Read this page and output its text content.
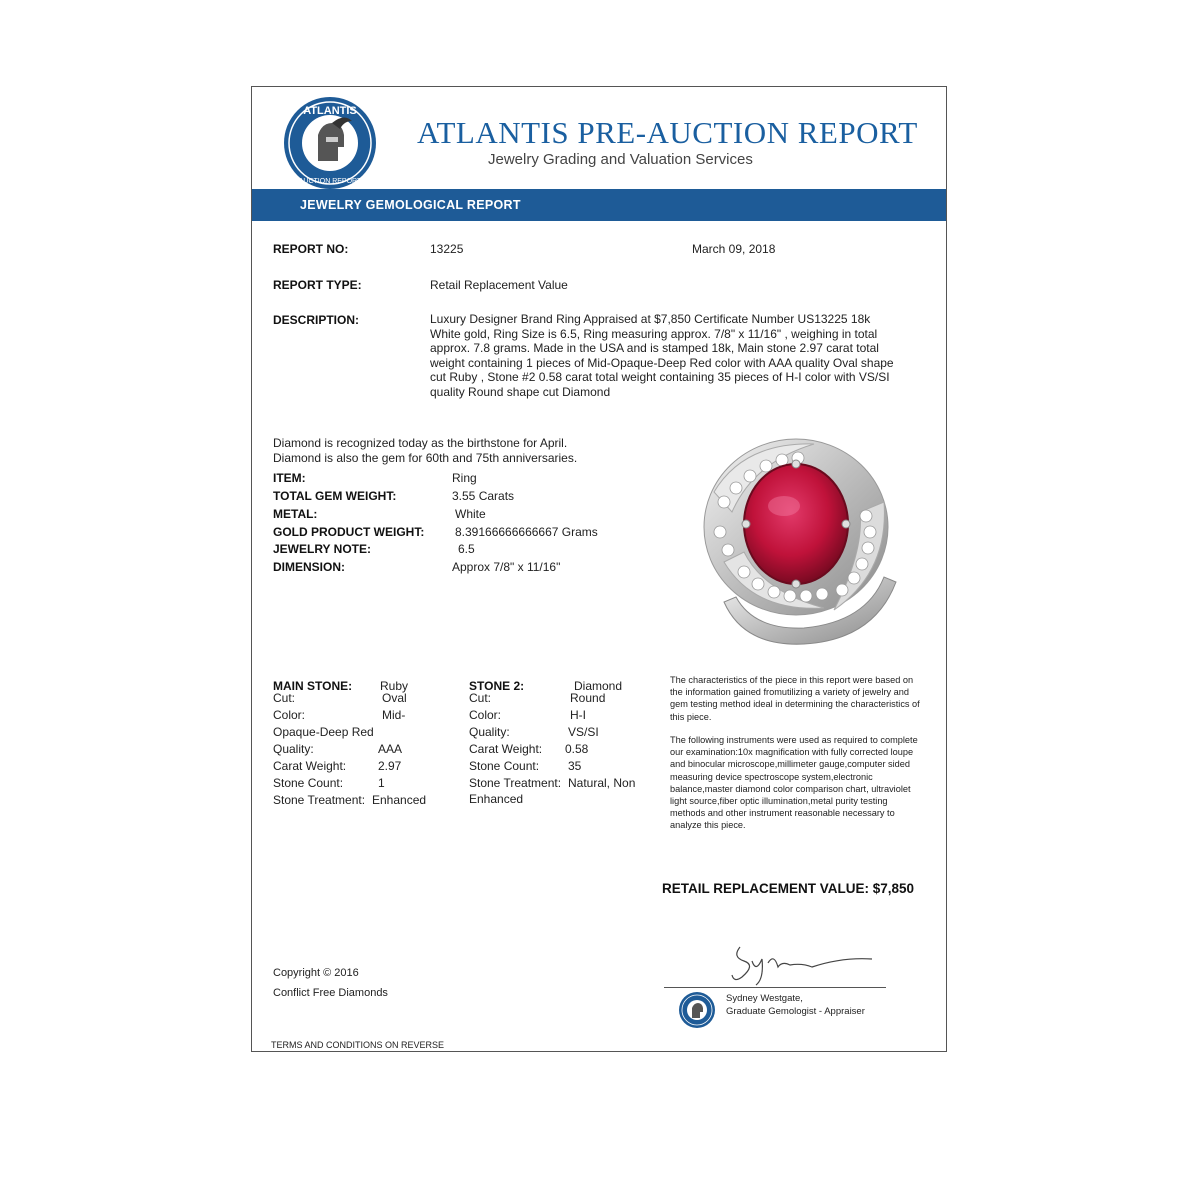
ATLANTIS
AUCTION REPORT
ATLANTIS PRE-AUCTION REPORT
Jewelry Grading and Valuation Services
JEWELRY GEMOLOGICAL REPORT
REPORT NO:	13225	March 09, 2018
REPORT TYPE:	Retail Replacement Value
DESCRIPTION:	Luxury Designer Brand Ring Appraised at $7,850 Certificate Number US13225 18k White gold, Ring Size is 6.5, Ring measuring approx. 7/8" x 11/16" , weighing in total approx. 7.8 grams. Made in the USA and is stamped 18k, Main stone 2.97 carat total weight containing 1 pieces of Mid-Opaque-Deep Red color with AAA quality Oval shape cut Ruby , Stone #2 0.58 carat total weight containing 35 pieces of H-I color with VS/SI quality Round shape cut Diamond
Diamond is recognized today as the birthstone for April.
Diamond is also the gem for 60th and 75th anniversaries.
ITEM:	Ring
TOTAL GEM WEIGHT:	3.55 Carats
METAL:	White
GOLD PRODUCT WEIGHT:	8.39166666666667 Grams
JEWELRY NOTE:	6.5
DIMENSION:	Approx 7/8" x 11/16"
MAIN STONE: Ruby
Cut:	Oval
Color:	Mid-
Opaque-Deep Red
Quality:	AAA
Carat Weight:	2.97
Stone Count:	1
Stone Treatment: Enhanced
STONE 2:	Diamond
Cut:	Round
Color:	H-I
Quality:	VS/SI
Carat Weight: 0.58
Stone Count: 35
Stone Treatment: Natural, Non
Enhanced
The characteristics of the piece in this report were based on the information gained fromutilizing a variety of jewelry and gem testing method ideal in determining the characteristics of this piece.
The following instruments were used as required to complete our examination:10x magnification with fully corrected loupe and binocular microscope,millimeter gauge,computer sided measuring device spectroscope system,electronic balance,master diamond color comparison chart, ultraviolet light source,fiber optic illumination,metal purity testing methods and other instrument reasonable necessary to analyze this piece.
RETAIL REPLACEMENT VALUE: $7,850
Copyright © 2016
Conflict Free Diamonds	Sydney Westgate,
Graduate Gemologist - Appraiser
TERMS AND CONDITIONS ON REVERSE
